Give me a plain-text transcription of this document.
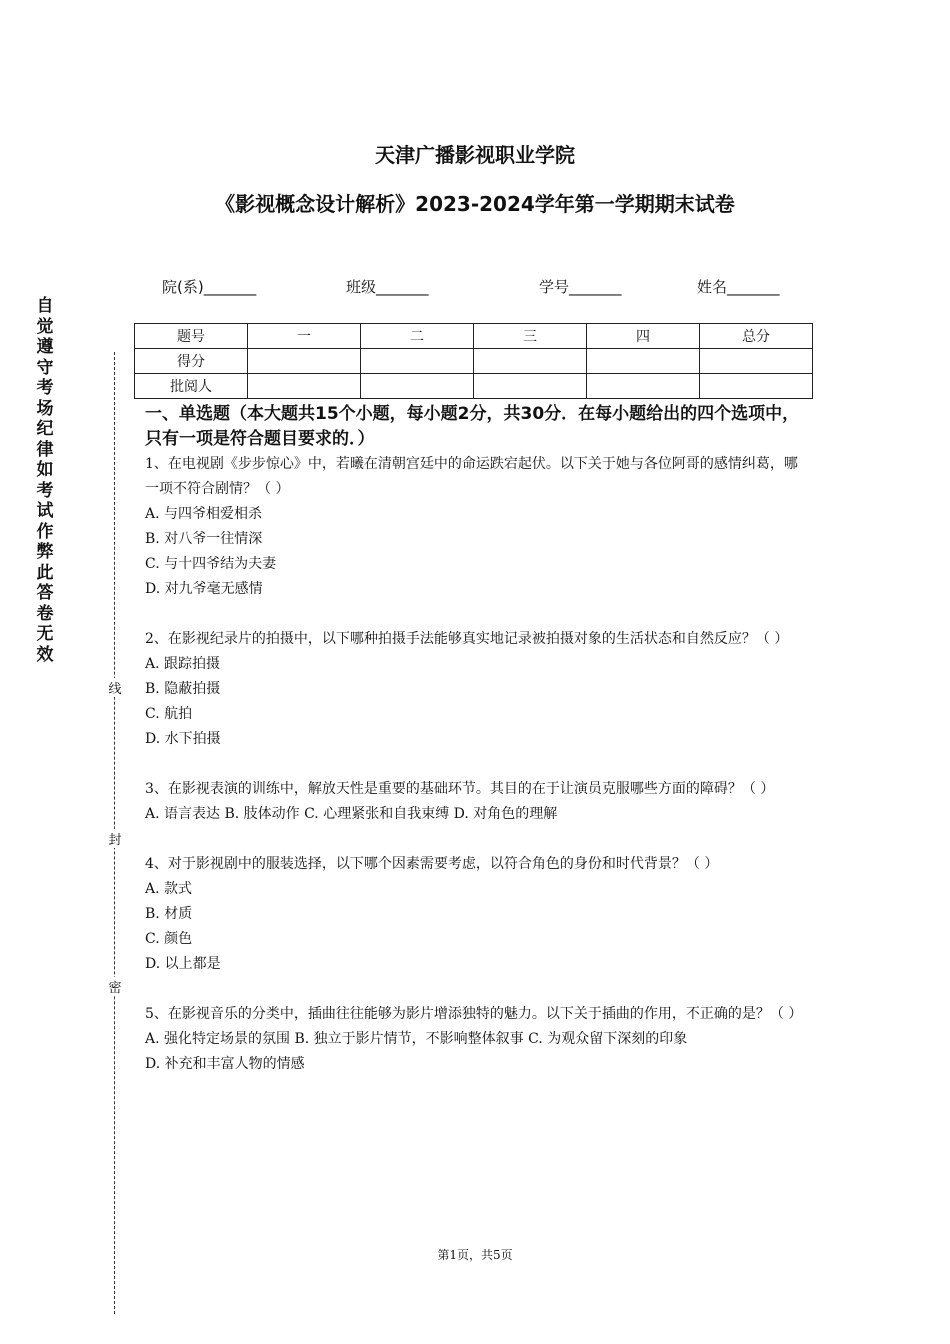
天津广播影视职业学院
《影视概念设计解析》2023-2024学年第一学期期末试卷
院(系)_______	班级_______	学号_______	姓名_______
自觉遵守考场纪律如考试作弊此答卷无效
线
封
密
题号	一	二	三	四	总分
得分					
批阅人					

一、单选题（本大题共15个小题，每小题2分，共30分．在每小题给出的四个选项中，只有一项是符合题目要求的．）

1、在电视剧《步步惊心》中，若曦在清朝宫廷中的命运跌宕起伏。以下关于她与各位阿哥的感情纠葛，哪一项不符合剧情？（ ）

A. 与四爷相爱相杀

B. 对八爷一往情深

C. 与十四爷结为夫妻

D. 对九爷毫无感情

2、在影视纪录片的拍摄中，以下哪种拍摄手法能够真实地记录被拍摄对象的生活状态和自然反应？（ ）

A. 跟踪拍摄

B. 隐蔽拍摄

C. 航拍

D. 水下拍摄

3、在影视表演的训练中，解放天性是重要的基础环节。其目的在于让演员克服哪些方面的障碍？（ ）

A. 语言表达 B. 肢体动作 C. 心理紧张和自我束缚 D. 对角色的理解

4、对于影视剧中的服装选择，以下哪个因素需要考虑，以符合角色的身份和时代背景？（ ）

A. 款式

B. 材质

C. 颜色

D. 以上都是

5、在影视音乐的分类中，插曲往往能够为影片增添独特的魅力。以下关于插曲的作用，不正确的是？（ ）

A. 强化特定场景的氛围 B. 独立于影片情节，不影响整体叙事 C. 为观众留下深刻的印象

D. 补充和丰富人物的情感

第1页，共5页
